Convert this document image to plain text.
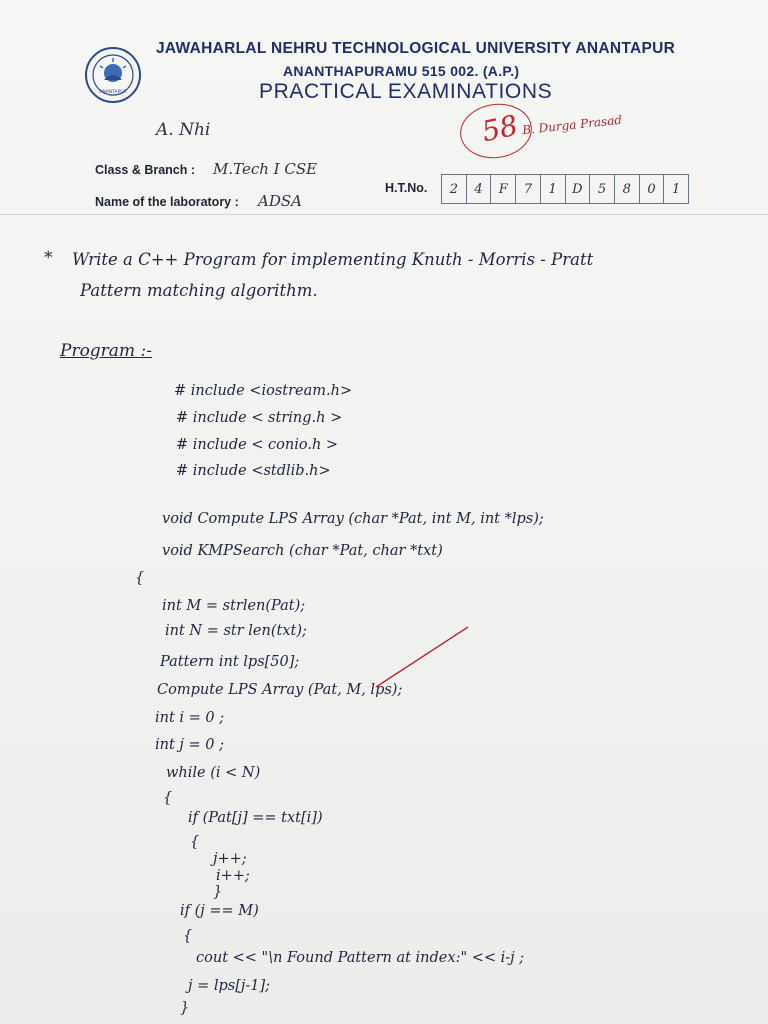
ANANTAPUR
JAWAHARLAL NEHRU TECHNOLOGICAL UNIVERSITY ANANTAPUR
ANANTHAPURAMU 515 002. (A.P.)
PRACTICAL EXAMINATIONS
A. Nhi	58 B. Durga Prasad
Class & Branch : M.Tech I CSE
H.T.No.	2	4	F	7	1	D	5	8	0	1
Name of the laboratory : ADSA
* Write a C++ Program for implementing Knuth - Morris - Pratt
Pattern matching algorithm.
Program :-
# include <iostream.h>
# include < string.h >
# include < conio.h >
# include <stdlib.h>
void Compute LPS Array (char *Pat, int M, int *lps);
void KMPSearch (char *Pat, char *txt)
{
int M = strlen(Pat);
int N = str len(txt);
Pattern int lps[50];
Compute LPS Array (Pat, M, lps);
int i = 0 ;
int j = 0 ;
while (i < N)
{
if (Pat[j] == txt[i])
{
j++;
i++;
}
if (j == M)
{
cout << "\n Found Pattern at index:" << i-j ;
j = lps[j-1];
}
